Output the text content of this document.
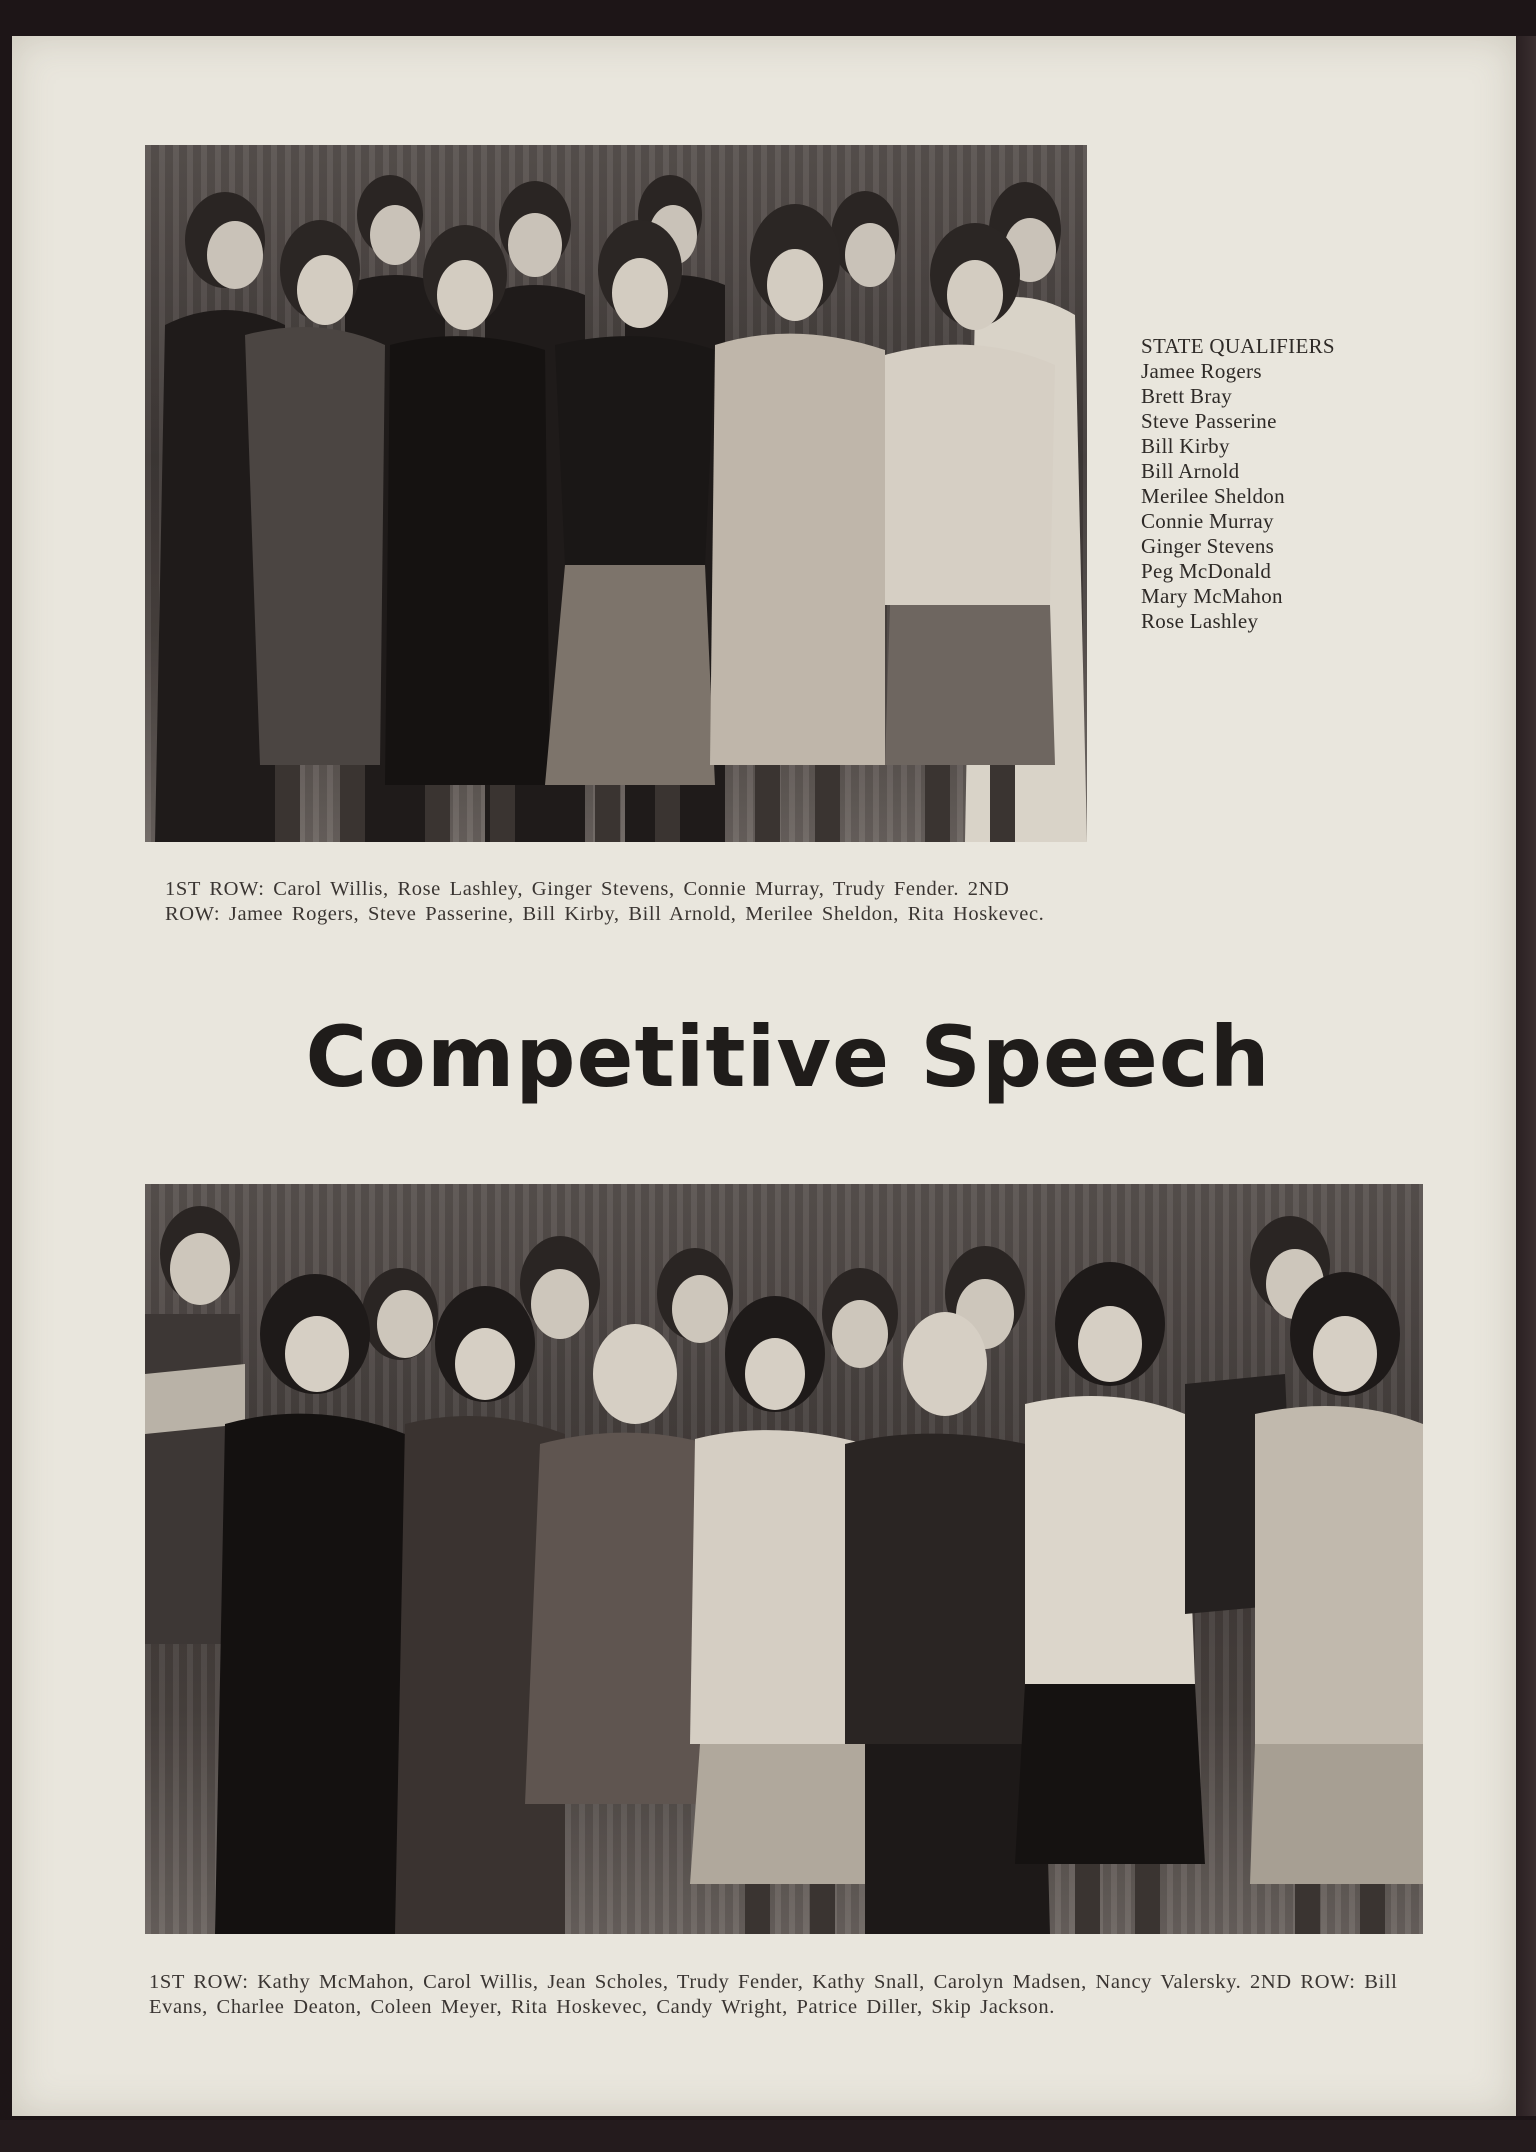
STATE QUALIFIERS
Jamee Rogers
Brett Bray
Steve Passerine
Bill Kirby
Bill Arnold
Merilee Sheldon
Connie Murray
Ginger Stevens
Peg McDonald
Mary McMahon
Rose Lashley
1ST ROW: Carol Willis, Rose Lashley, Ginger Stevens, Connie Murray, Trudy Fender. 2ND ROW: Jamee Rogers, Steve Passerine, Bill Kirby, Bill Arnold, Merilee Sheldon, Rita Hoskevec.
Competitive Speech
1ST ROW: Kathy McMahon, Carol Willis, Jean Scholes, Trudy Fender, Kathy Snall, Carolyn Madsen, Nancy Valersky. 2ND ROW: Bill Evans, Charlee Deaton, Coleen Meyer, Rita Hoskevec, Candy Wright, Patrice Diller, Skip Jackson.
